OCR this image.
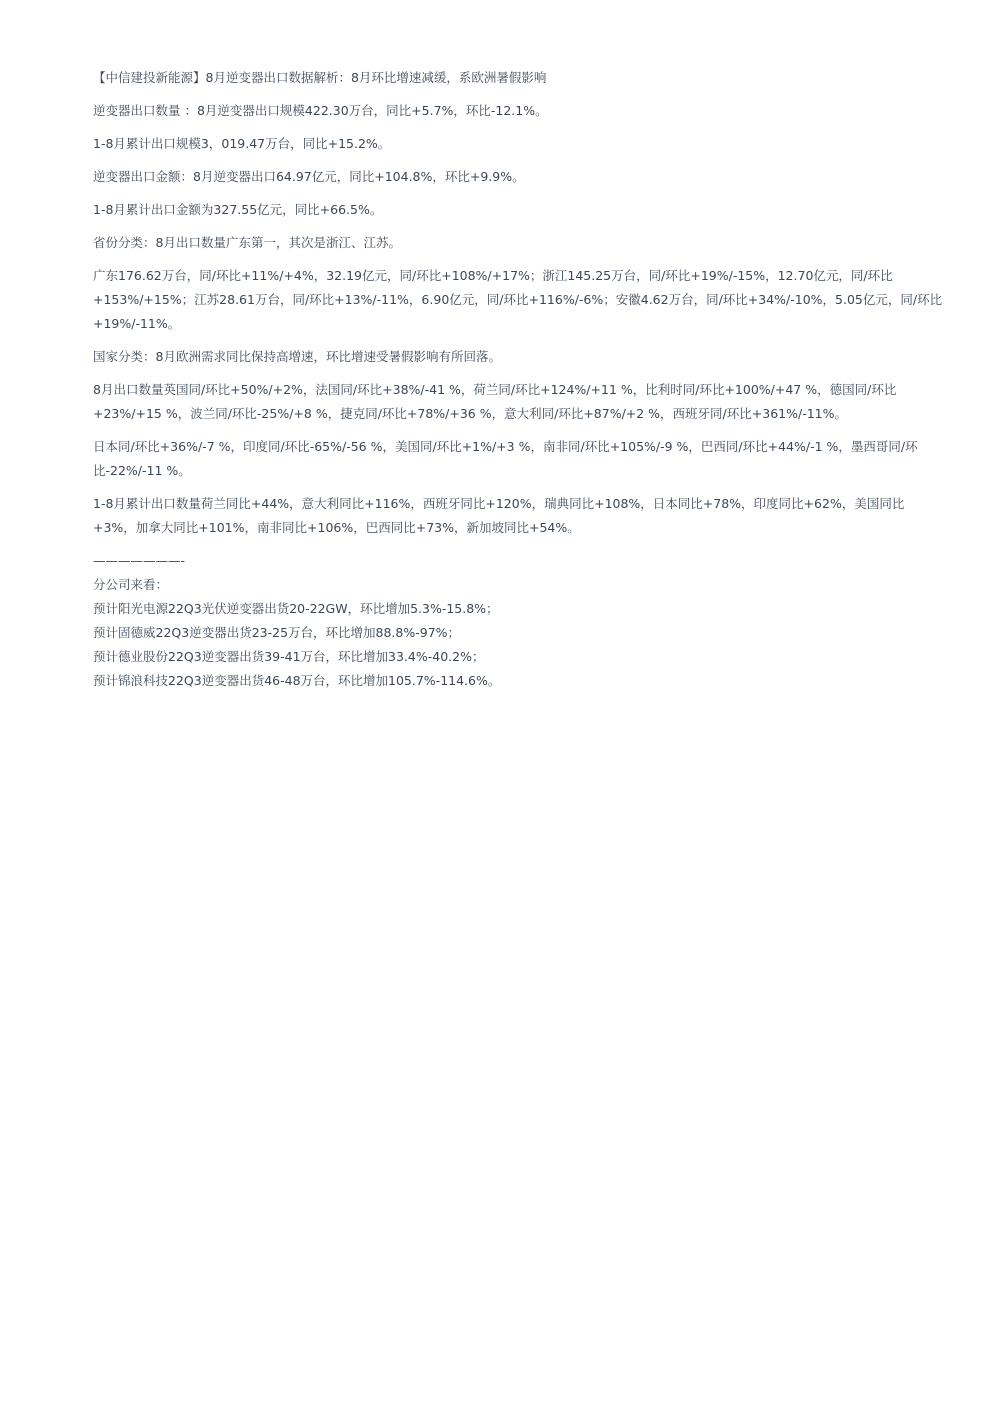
【中信建投新能源】8月逆变器出口数据解析：8月环比增速减缓，系欧洲暑假影响

逆变器出口数量 ：8月逆变器出口规模422.30万台，同比+5.7%，环比-12.1%。

1-8月累计出口规模3，019.47万台，同比+15.2%。

逆变器出口金额：8月逆变器出口64.97亿元，同比+104.8%，环比+9.9%。

1-8月累计出口金额为327.55亿元，同比+66.5%。

省份分类：8月出口数量广东第一，其次是浙江、江苏。

广东176.62万台，同/环比+11%/+4%，32.19亿元，同/环比+108%/+17%；浙江145.25万台，同/环比+19%/-15%，12.70亿元，同/环比+153%/+15%；江苏28.61万台，同/环比+13%/-11%，6.90亿元，同/环比+116%/-6%；安徽4.62万台，同/环比+34%/-10%，5.05亿元，同/环比+19%/-11%。

国家分类：8月欧洲需求同比保持高增速，环比增速受暑假影响有所回落。

8月出口数量英国同/环比+50%/+2%，法国同/环比+38%/-41 %，荷兰同/环比+124%/+11 %，比利时同/环比+100%/+47 %，德国同/环比+23%/+15 %，波兰同/环比-25%/+8 %，捷克同/环比+78%/+36 %，意大利同/环比+87%/+2 %，西班牙同/环比+361%/-11%。

日本同/环比+36%/-7 %，印度同/环比-65%/-56 %，美国同/环比+1%/+3 %，南非同/环比+105%/-9 %，巴西同/环比+44%/-1 %，墨西哥同/环比-22%/-11 %。

1-8月累计出口数量荷兰同比+44%，意大利同比+116%，西班牙同比+120%，瑞典同比+108%，日本同比+78%，印度同比+62%，美国同比+3%，加拿大同比+101%，南非同比+106%，巴西同比+73%，新加坡同比+54%。

———————-

分公司来看：

预计阳光电源22Q3光伏逆变器出货20-22GW，环比增加5.3%-15.8%；

预计固德威22Q3逆变器出货23-25万台，环比增加88.8%-97%；

预计德业股份22Q3逆变器出货39-41万台，环比增加33.4%-40.2%；

预计锦浪科技22Q3逆变器出货46-48万台，环比增加105.7%-114.6%。
